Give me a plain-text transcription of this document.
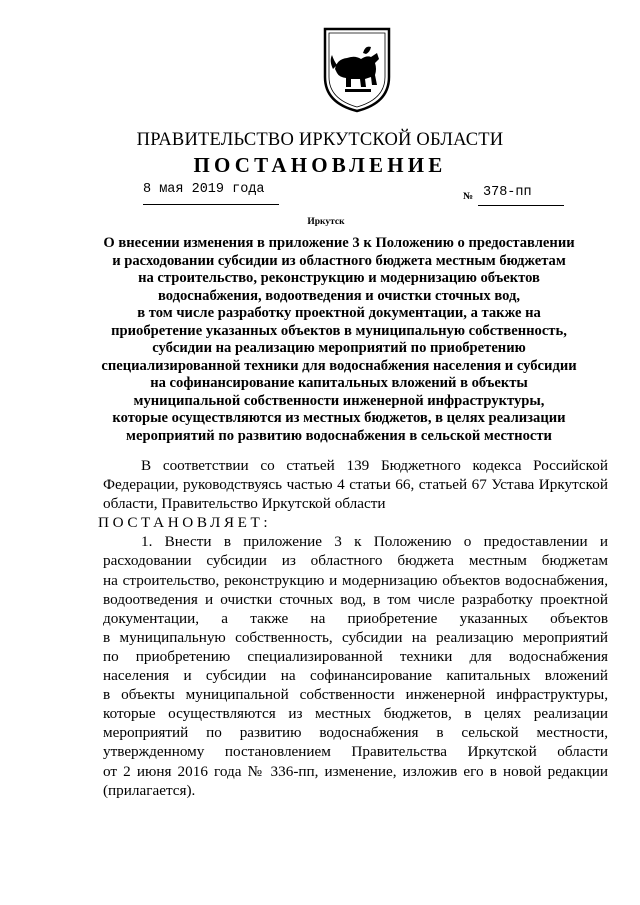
ПРАВИТЕЛЬСТВО ИРКУТСКОЙ ОБЛАСТИ
ПОСТАНОВЛЕНИЕ
8 мая 2019 года	№ 378-пп
Иркутск
О внесении изменения в приложение 3 к Положению о предоставлении
и расходовании субсидии из областного бюджета местным бюджетам
на строительство, реконструкцию и модернизацию объектов
водоснабжения, водоотведения и очистки сточных вод,
в том числе разработку проектной документации, а также на
приобретение указанных объектов в муниципальную собственность,
субсидии на реализацию мероприятий по приобретению
специализированной техники для водоснабжения населения и субсидии
на софинансирование капитальных вложений в объекты
муниципальной собственности инженерной инфраструктуры,
которые осуществляются из местных бюджетов, в целях реализации
мероприятий по развитию водоснабжения в сельской местности
В соответствии со статьей 139 Бюджетного кодекса Российской
Федерации, руководствуясь частью 4 статьи 66, статьей 67 Устава Иркутской
области, Правительство Иркутской области
ПОСТАНОВЛЯЕТ:
1. Внести в приложение 3 к Положению о предоставлении и
расходовании субсидии из областного бюджета местным бюджетам
на строительство, реконструкцию и модернизацию объектов водоснабжения,
водоотведения и очистки сточных вод, в том числе разработку проектной
документации, а также на приобретение указанных объектов
в муниципальную собственность, субсидии на реализацию мероприятий
по приобретению специализированной техники для водоснабжения
населения и субсидии на софинансирование капитальных вложений
в объекты муниципальной собственности инженерной инфраструктуры,
которые осуществляются из местных бюджетов, в целях реализации
мероприятий по развитию водоснабжения в сельской местности,
утвержденному постановлением Правительства Иркутской области
от 2 июня 2016 года № 336-пп, изменение, изложив его в новой редакции
(прилагается).
